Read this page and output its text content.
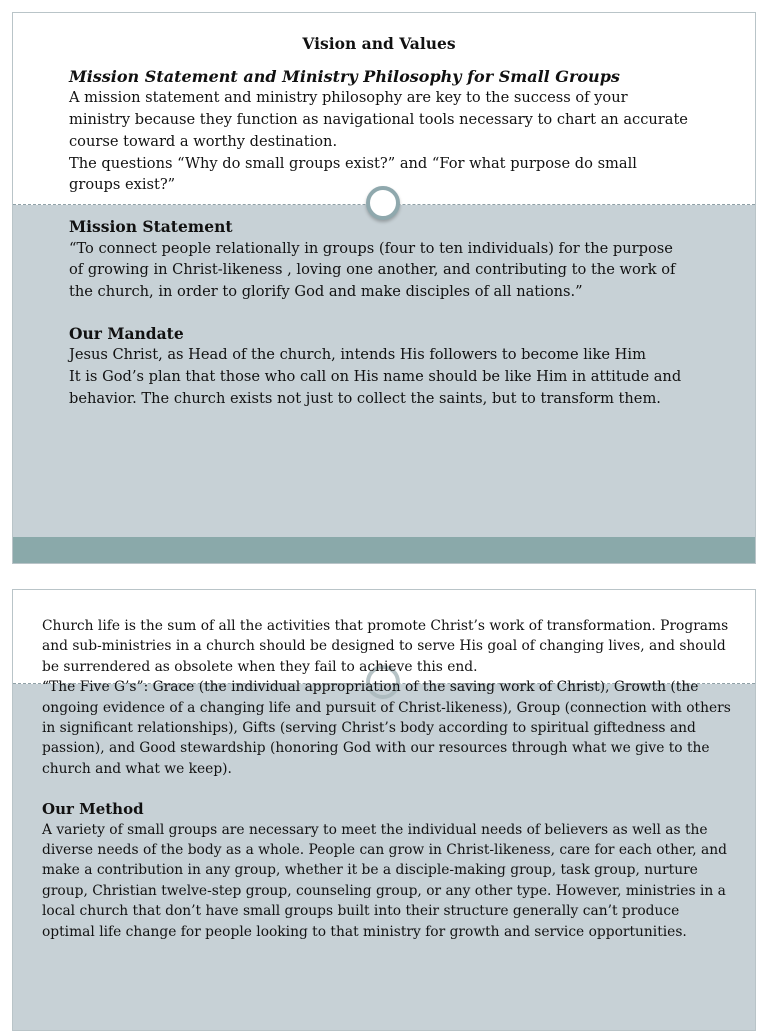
Vision and Values

Mission Statement and Ministry Philosophy for Small Groups

A mission statement and ministry philosophy are key to the success of your ministry because they function as navigational tools necessary to chart an accurate course toward a worthy destination.

The questions “Why do small groups exist?” and “For what purpose do small groups exist?”

Mission Statement

“To connect people relationally in groups (four to ten individuals) for the purpose of growing in Christ-likeness , loving one another, and contributing to the work of the church, in order to glorify God and make disciples of all nations.”

Our Mandate

Jesus Christ, as Head of the church, intends His followers to become like Him

It is God’s plan that those who call on His name should be like Him in attitude and behavior. The church exists not just to collect the saints, but to transform them.

Church life is the sum of all the activities that promote Christ’s work of transformation. Programs and sub-ministries in a church should be designed to serve His goal of changing lives, and should be surrendered as obsolete when they fail to achieve this end.

“The Five G’s”: Grace (the individual appropriation of the saving work of Christ), Growth (the ongoing evidence of a changing life and pursuit of Christ-likeness), Group (connection with others in significant relationships), Gifts (serving Christ’s body according to spiritual giftedness and passion), and Good stewardship (honoring God with our resources through what we give to the church and what we keep).

Our Method

A variety of small groups are necessary to meet the individual needs of believers as well as the diverse needs of the body as a whole. People can grow in Christ-likeness, care for each other, and make a contribution in any group, whether it be a disciple-making group, task group, nurture group, Christian twelve-step group, counseling group, or any other type. However, ministries in a local church that don’t have small groups built into their structure generally can’t produce optimal life change for people looking to that ministry for growth and service opportunities.
